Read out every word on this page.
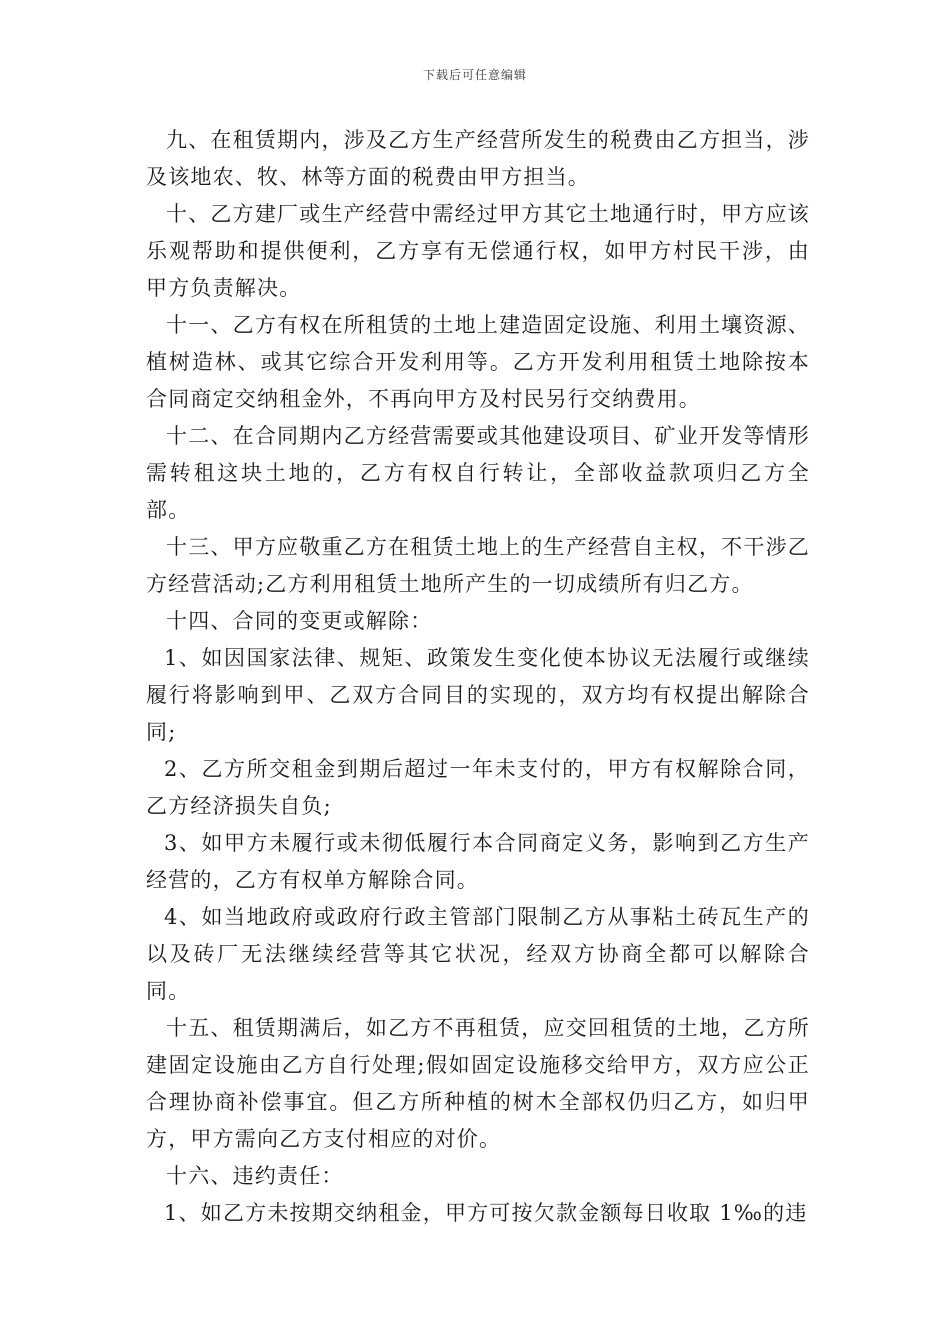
下载后可任意编辑

九、在租赁期内，涉及乙方生产经营所发生的税费由乙方担当，涉及该地农、牧、林等方面的税费由甲方担当。

十、乙方建厂或生产经营中需经过甲方其它土地通行时，甲方应该乐观帮助和提供便利，乙方享有无偿通行权，如甲方村民干涉，由甲方负责解决。

十一、乙方有权在所租赁的土地上建造固定设施、利用土壤资源、植树造林、或其它综合开发利用等。乙方开发利用租赁土地除按本合同商定交纳租金外，不再向甲方及村民另行交纳费用。

十二、在合同期内乙方经营需要或其他建设项目、矿业开发等情形需转租这块土地的，乙方有权自行转让，全部收益款项归乙方全部。

十三、甲方应敬重乙方在租赁土地上的生产经营自主权，不干涉乙方经营活动;乙方利用租赁土地所产生的一切成绩所有归乙方。

十四、合同的变更或解除：

1、如因国家法律、规矩、政策发生变化使本协议无法履行或继续履行将影响到甲、乙双方合同目的实现的，双方均有权提出解除合同;

2、乙方所交租金到期后超过一年未支付的，甲方有权解除合同，乙方经济损失自负;

3、如甲方未履行或未彻低履行本合同商定义务，影响到乙方生产经营的，乙方有权单方解除合同。

4、如当地政府或政府行政主管部门限制乙方从事粘土砖瓦生产的以及砖厂无法继续经营等其它状况，经双方协商全都可以解除合同。

十五、租赁期满后，如乙方不再租赁，应交回租赁的土地，乙方所建固定设施由乙方自行处理;假如固定设施移交给甲方，双方应公正合理协商补偿事宜。但乙方所种植的树木全部权仍归乙方，如归甲方，甲方需向乙方支付相应的对价。

十六、违约责任：

1、如乙方未按期交纳租金，甲方可按欠款金额每日收取 1‰的违
